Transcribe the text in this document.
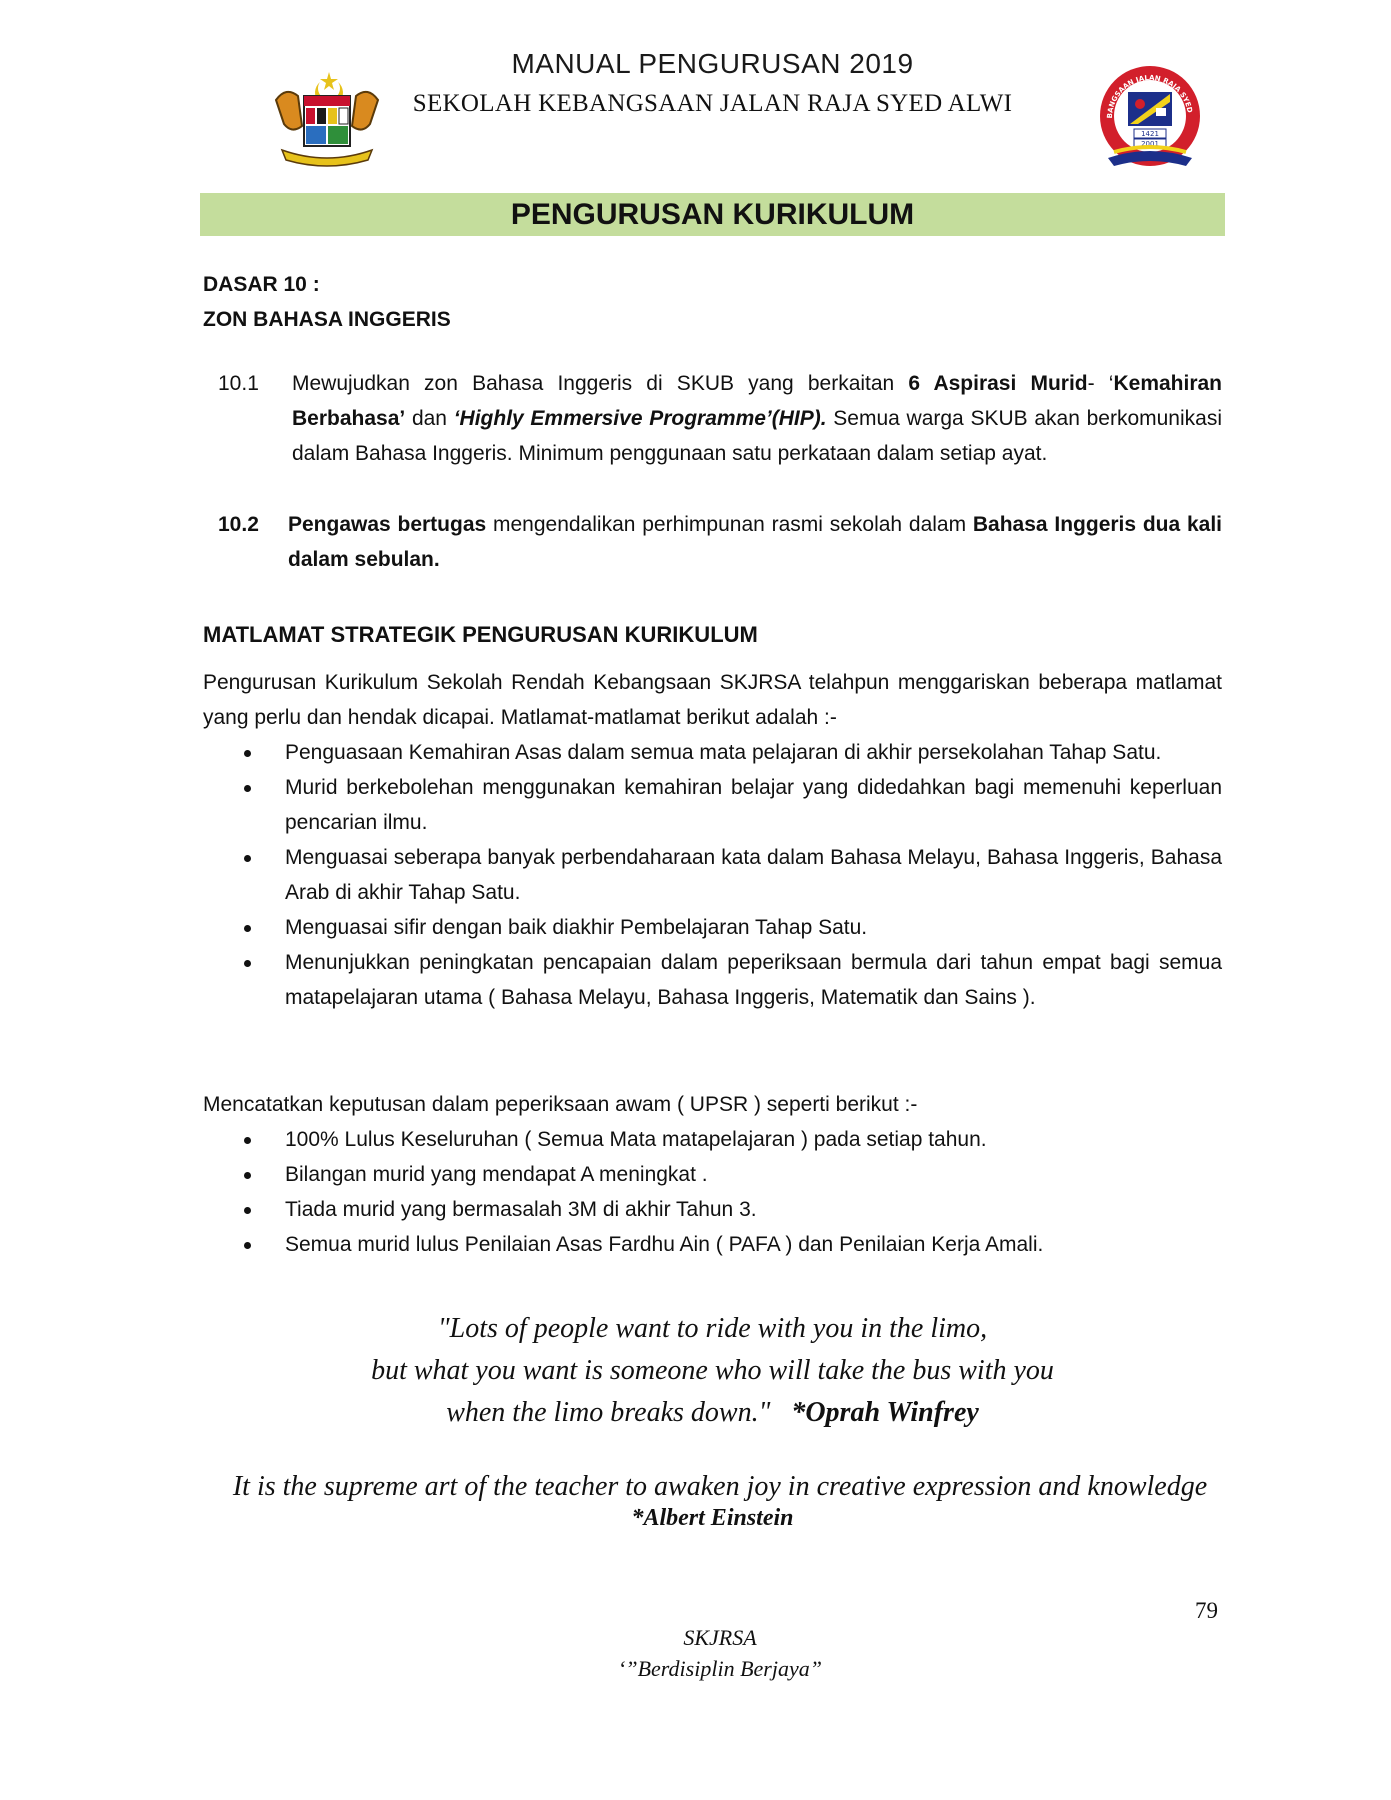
MANUAL PENGURUSAN 2019
SEKOLAH KEBANGSAAN JALAN RAJA SYED ALWI	BANGSAAN JALAN RAJA SYED
1421
2001
PENGURUSAN KURIKULUM
DASAR 10 :
ZON BAHASA INGGERIS
10.1 Mewujudkan zon Bahasa Inggeris di SKUB yang berkaitan 6 Aspirasi Murid- ‘Kemahiran Berbahasa’ dan ‘Highly Emmersive Programme’(HIP). Semua warga SKUB akan berkomunikasi dalam Bahasa Inggeris. Minimum penggunaan satu perkataan dalam setiap ayat.
10.2 Pengawas bertugas mengendalikan perhimpunan rasmi sekolah dalam Bahasa Inggeris dua kali dalam sebulan.
MATLAMAT STRATEGIK PENGURUSAN KURIKULUM
Pengurusan Kurikulum Sekolah Rendah Kebangsaan SKJRSA telahpun menggariskan beberapa matlamat yang perlu dan hendak dicapai. Matlamat-matlamat berikut adalah :-
Penguasaan Kemahiran Asas dalam semua mata pelajaran di akhir persekolahan Tahap Satu.
Murid berkebolehan menggunakan kemahiran belajar yang didedahkan bagi memenuhi keperluan pencarian ilmu.
Menguasai seberapa banyak perbendaharaan kata dalam Bahasa Melayu, Bahasa Inggeris, Bahasa Arab di akhir Tahap Satu.
Menguasai sifir dengan baik diakhir Pembelajaran Tahap Satu.
Menunjukkan peningkatan pencapaian dalam peperiksaan bermula dari tahun empat bagi semua matapelajaran utama ( Bahasa Melayu, Bahasa Inggeris, Matematik dan Sains ).
Mencatatkan keputusan dalam peperiksaan awam ( UPSR ) seperti berikut :-
100% Lulus Keseluruhan ( Semua Mata matapelajaran ) pada setiap tahun.
Bilangan murid yang mendapat A meningkat .
Tiada murid yang bermasalah 3M di akhir Tahun 3.
Semua murid lulus Penilaian Asas Fardhu Ain ( PAFA ) dan Penilaian Kerja Amali.
"Lots of people want to ride with you in the limo,
but what you want is someone who will take the bus with you
when the limo breaks down." *Oprah Winfrey
It is the supreme art of the teacher to awaken joy in creative expression and knowledge
*Albert Einstein
79
SKJRSA
‘”Berdisiplin Berjaya”
